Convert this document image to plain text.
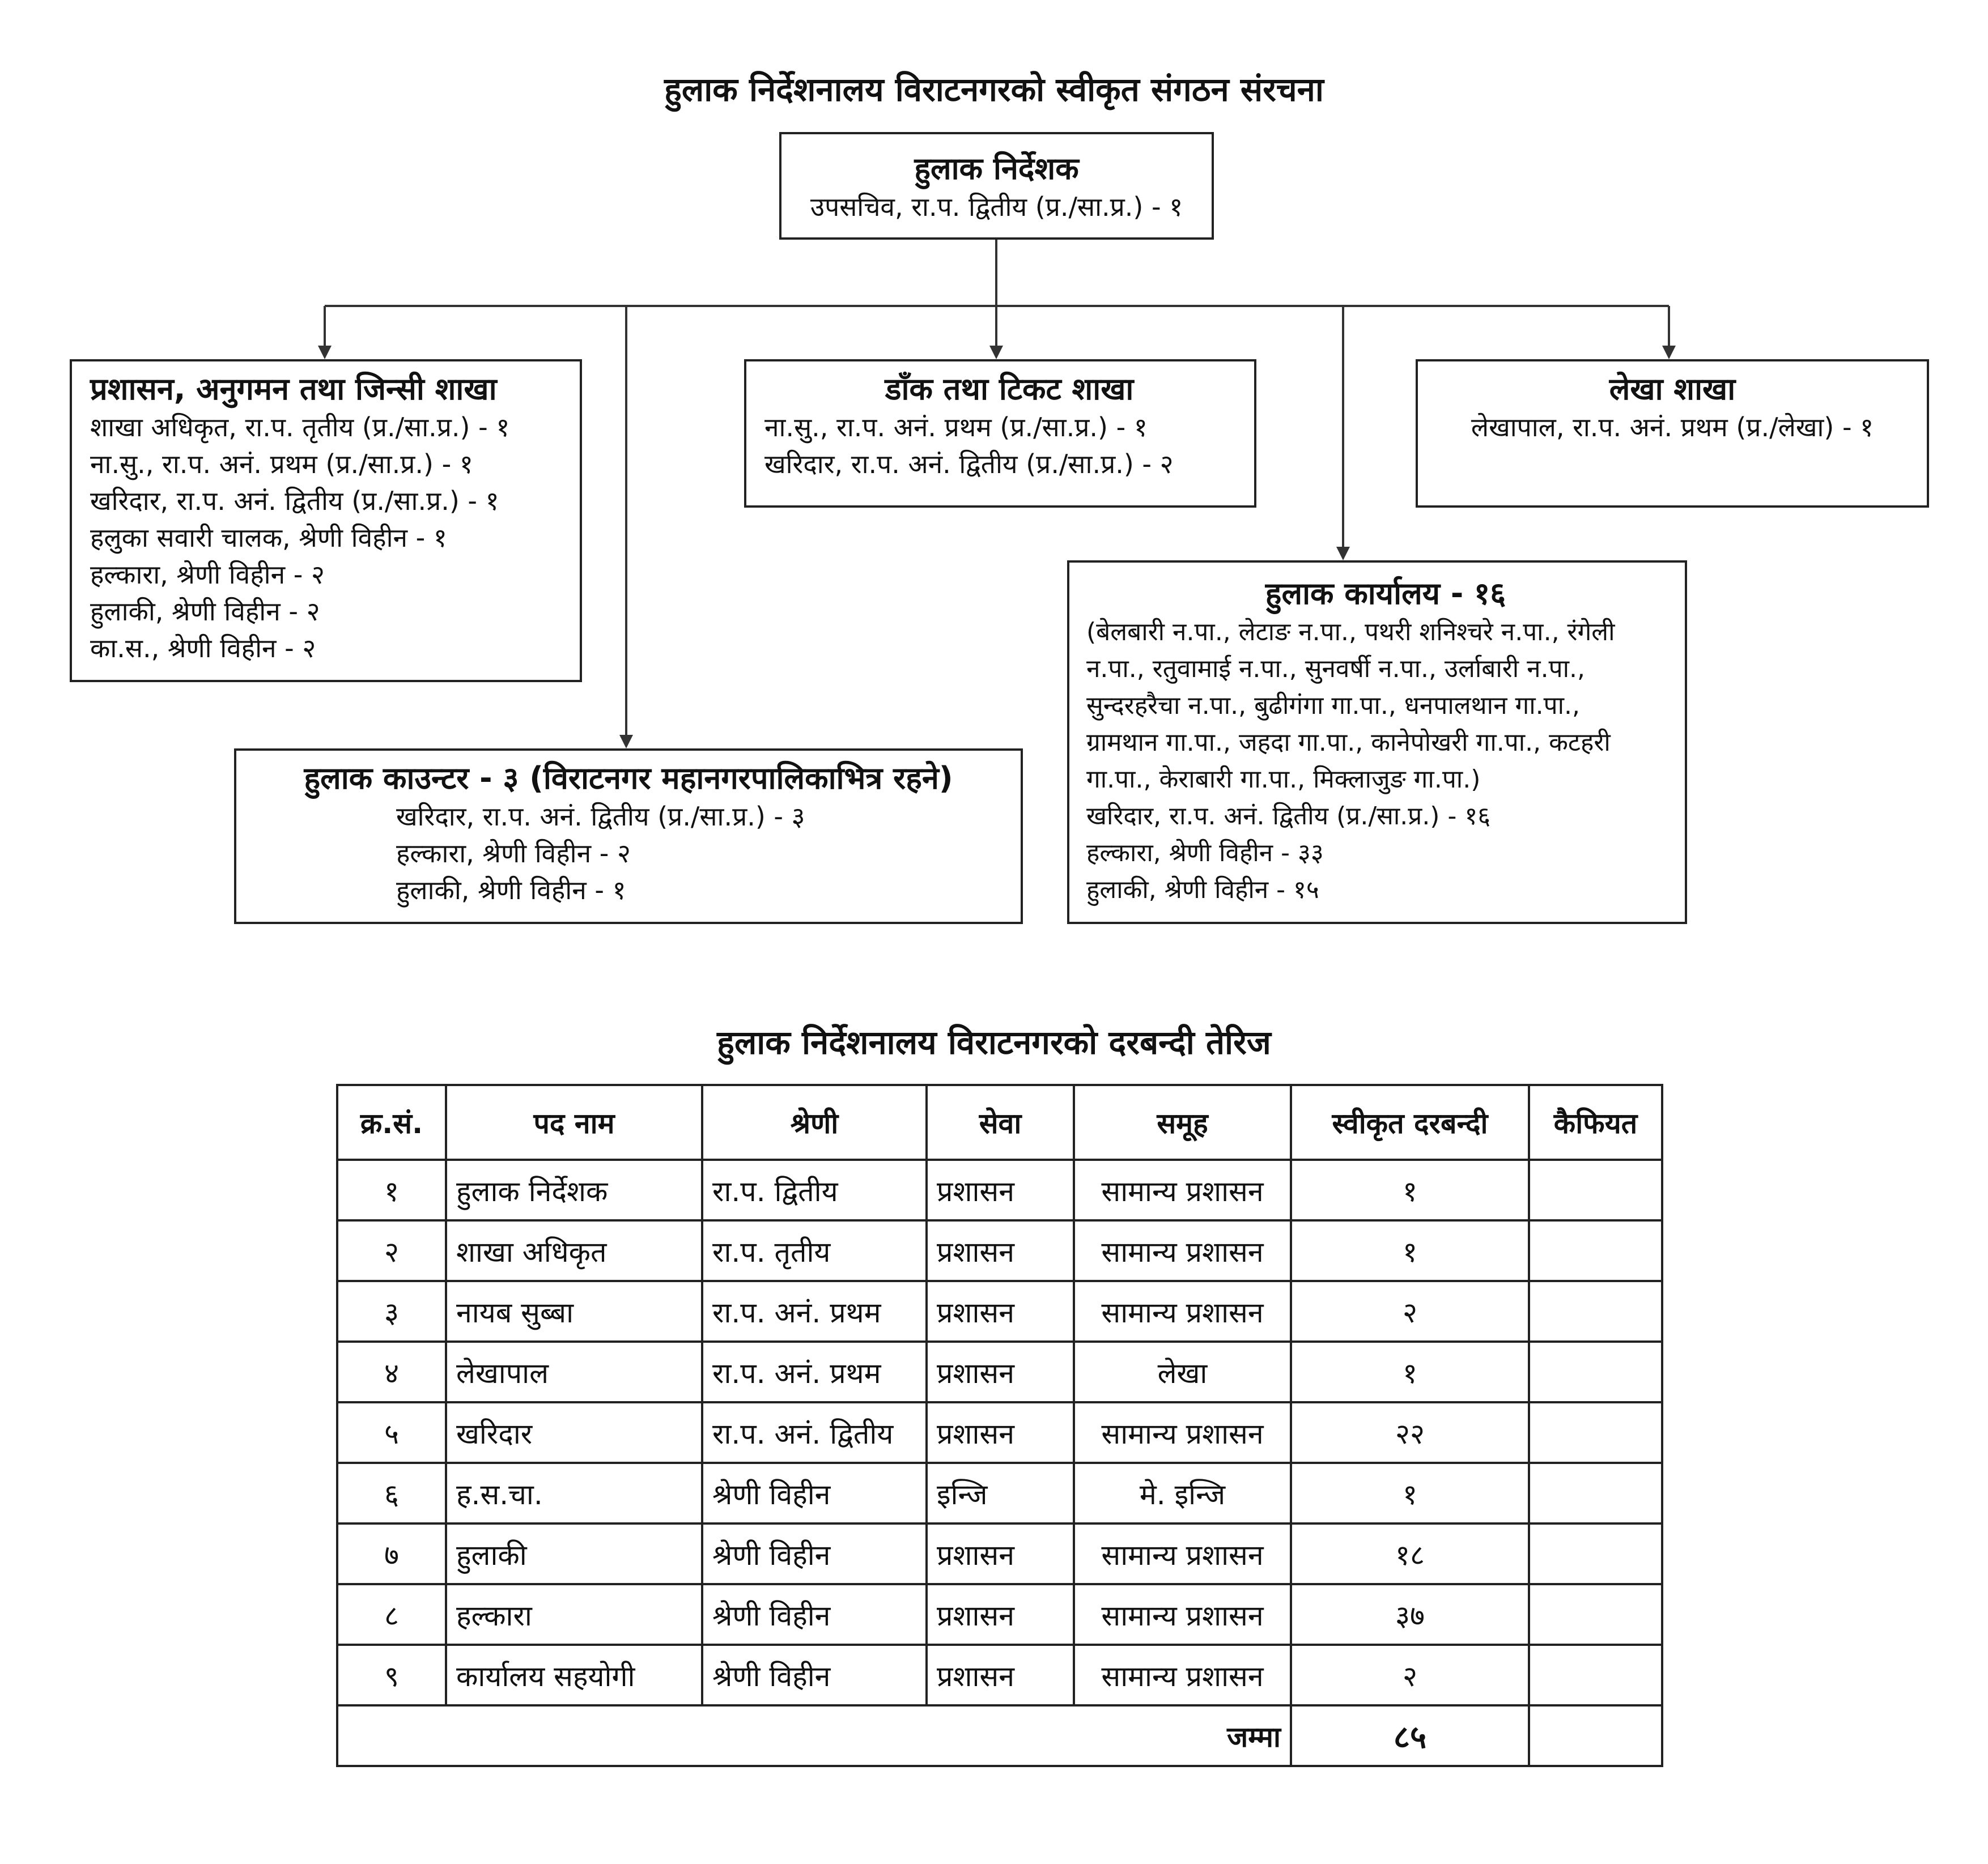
हुलाक निर्देशनालय विराटनगरको स्वीकृत संगठन संरचना
हुलाक निर्देशक
उपसचिव, रा.प. द्वितीय (प्र./सा.प्र.) - १
प्रशासन, अनुगमन तथा जिन्सी शाखा
शाखा अधिकृत, रा.प. तृतीय (प्र./सा.प्र.) - १
ना.सु., रा.प. अनं. प्रथम (प्र./सा.प्र.) - १
खरिदार, रा.प. अनं. द्वितीय (प्र./सा.प्र.) - १
हलुका सवारी चालक, श्रेणी विहीन - १
हल्कारा, श्रेणी विहीन - २
हुलाकी, श्रेणी विहीन - २
का.स., श्रेणी विहीन - २
डाँक तथा टिकट शाखा
ना.सु., रा.प. अनं. प्रथम (प्र./सा.प्र.) - १
खरिदार, रा.प. अनं. द्वितीय (प्र./सा.प्र.) - २
लेखा शाखा
लेखापाल, रा.प. अनं. प्रथम (प्र./लेखा) - १
हुलाक काउन्टर - ३ (विराटनगर महानगरपालिकाभित्र रहने)
खरिदार, रा.प. अनं. द्वितीय (प्र./सा.प्र.) - ३
हल्कारा, श्रेणी विहीन - २
हुलाकी, श्रेणी विहीन - १
हुलाक कार्यालय - १६
(बेलबारी न.पा., लेटाङ न.पा., पथरी शनिश्चरे न.पा., रंगेली
न.पा., रतुवामाई न.पा., सुनवर्षी न.पा., उर्लाबारी न.पा.,
सुन्दरहरैचा न.पा., बुढीगंगा गा.पा., धनपालथान गा.पा.,
ग्रामथान गा.पा., जहदा गा.पा., कानेपोखरी गा.पा., कटहरी
गा.पा., केराबारी गा.पा., मिक्लाजुङ गा.पा.)
खरिदार, रा.प. अनं. द्वितीय (प्र./सा.प्र.) - १६
हल्कारा, श्रेणी विहीन - ३३
हुलाकी, श्रेणी विहीन - १५
हुलाक निर्देशनालय विराटनगरको दरबन्दी तेरिज
क्र.सं.	पद नाम	श्रेणी	सेवा	समूह	स्वीकृत दरबन्दी	कैफियत
१	हुलाक निर्देशक	रा.प. द्वितीय	प्रशासन	सामान्य प्रशासन	१	
२	शाखा अधिकृत	रा.प. तृतीय	प्रशासन	सामान्य प्रशासन	१	
३	नायब सुब्बा	रा.प. अनं. प्रथम	प्रशासन	सामान्य प्रशासन	२	
४	लेखापाल	रा.प. अनं. प्रथम	प्रशासन	लेखा	१	
५	खरिदार	रा.प. अनं. द्वितीय	प्रशासन	सामान्य प्रशासन	२२	
६	ह.स.चा.	श्रेणी विहीन	इन्जि	मे. इन्जि	१	
७	हुलाकी	श्रेणी विहीन	प्रशासन	सामान्य प्रशासन	१८	
८	हल्कारा	श्रेणी विहीन	प्रशासन	सामान्य प्रशासन	३७	
९	कार्यालय सहयोगी	श्रेणी विहीन	प्रशासन	सामान्य प्रशासन	२	
जम्मा					८५	
